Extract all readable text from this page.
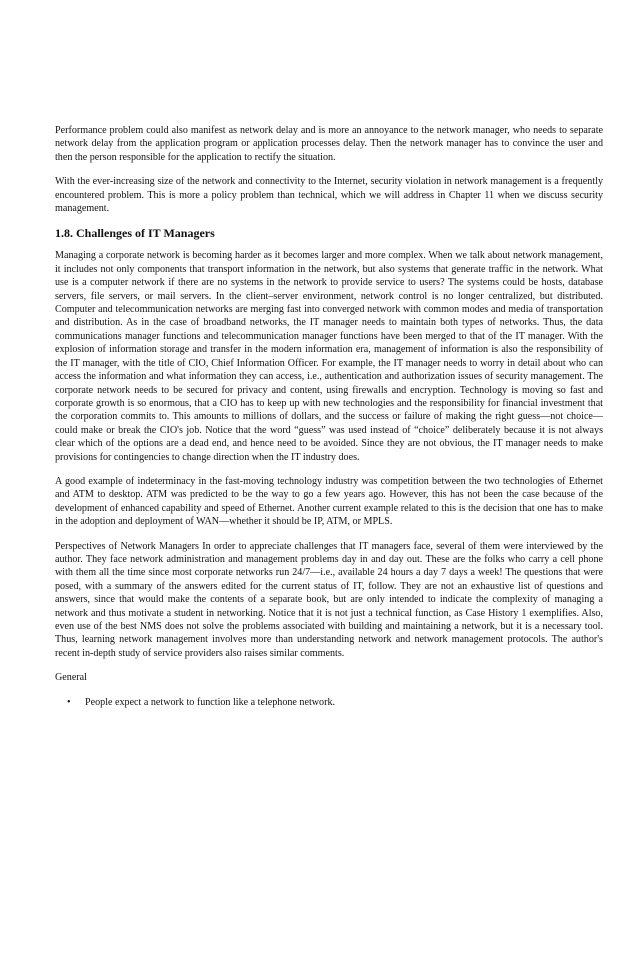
Performance problem could also manifest as network delay and is more an annoyance to the network manager, who needs to separate network delay from the application program or application processes delay. Then the network manager has to convince the user and then the person responsible for the application to rectify the situation.

With the ever-increasing size of the network and connectivity to the Internet, security violation in network management is a frequently encountered problem. This is more a policy problem than technical, which we will address in Chapter 11 when we discuss security management.

1.8. Challenges of IT Managers

Managing a corporate network is becoming harder as it becomes larger and more complex. When we talk about network management, it includes not only components that transport information in the network, but also systems that generate traffic in the network. What use is a computer network if there are no systems in the network to provide service to users? The systems could be hosts, database servers, file servers, or mail servers. In the client–server environment, network control is no longer centralized, but distributed. Computer and telecommunication networks are merging fast into converged network with common modes and media of transportation and distribution. As in the case of broadband networks, the IT manager needs to maintain both types of networks. Thus, the data communications manager functions and telecommunication manager functions have been merged to that of the IT manager. With the explosion of information storage and transfer in the modern information era, management of information is also the responsibility of the IT manager, with the title of CIO, Chief Information Officer. For example, the IT manager needs to worry in detail about who can access the information and what information they can access, i.e., authentication and authorization issues of security management. The corporate network needs to be secured for privacy and content, using firewalls and encryption. Technology is moving so fast and corporate growth is so enormous, that a CIO has to keep up with new technologies and the responsibility for financial investment that the corporation commits to. This amounts to millions of dollars, and the success or failure of making the right guess—not choice—could make or break the CIO's job. Notice that the word “guess” was used instead of “choice” deliberately because it is not always clear which of the options are a dead end, and hence need to be avoided. Since they are not obvious, the IT manager needs to make provisions for contingencies to change direction when the IT industry does.

A good example of indeterminacy in the fast-moving technology industry was competition between the two technologies of Ethernet and ATM to desktop. ATM was predicted to be the way to go a few years ago. However, this has not been the case because of the development of enhanced capability and speed of Ethernet. Another current example related to this is the decision that one has to make in the adoption and deployment of WAN—whether it should be IP, ATM, or MPLS.

Perspectives of Network Managers In order to appreciate challenges that IT managers face, several of them were interviewed by the author. They face network administration and management problems day in and day out. These are the folks who carry a cell phone with them all the time since most corporate networks run 24/7—i.e., available 24 hours a day 7 days a week! The questions that were posed, with a summary of the answers edited for the current status of IT, follow. They are not an exhaustive list of questions and answers, since that would make the contents of a separate book, but are only intended to indicate the complexity of managing a network and thus motivate a student in networking. Notice that it is not just a technical function, as Case History 1 exemplifies. Also, even use of the best NMS does not solve the problems associated with building and maintaining a network, but it is a necessary tool. Thus, learning network management involves more than understanding network and network management protocols. The author's recent in-depth study of service providers also raises similar comments.

General

• People expect a network to function like a telephone network.
